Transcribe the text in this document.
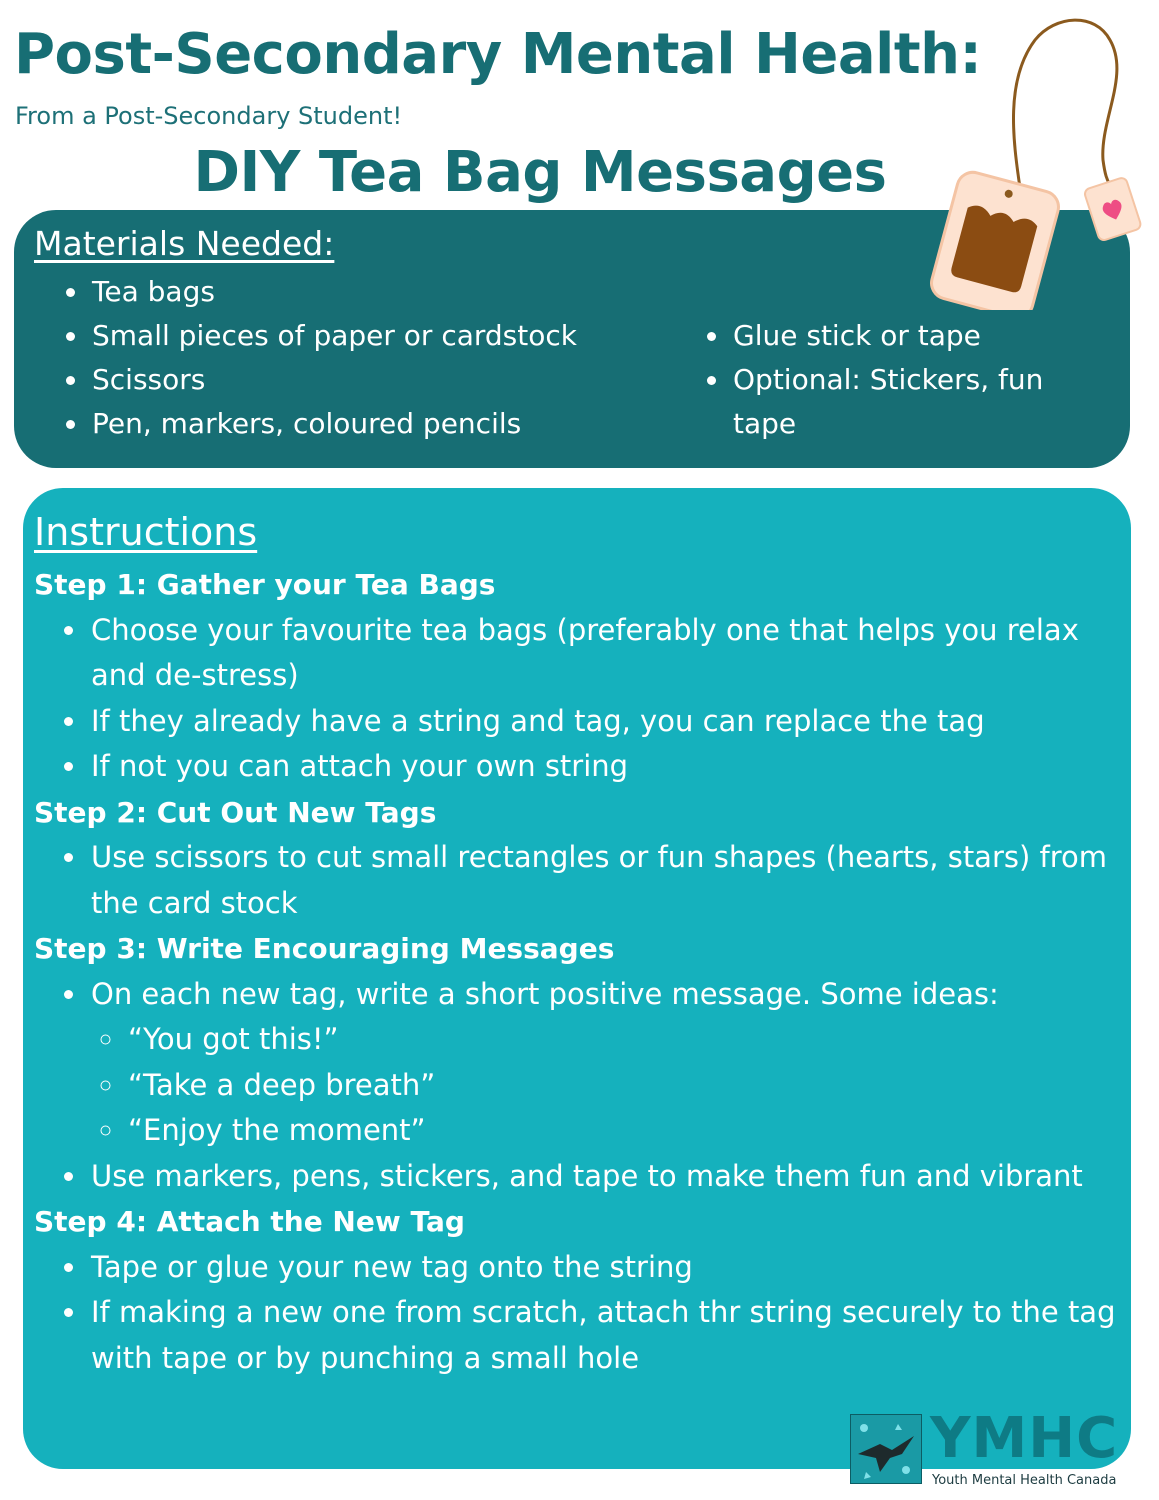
Post-Secondary Mental Health:
From a Post-Secondary Student!
DIY Tea Bag Messages
Materials Needed:
• Tea bags
• Small pieces of paper or cardstock
• Scissors
• Pen, markers, coloured pencils
• Glue stick or tape
• Optional: Stickers, fun tape
Instructions
Step 1: Gather your Tea Bags
• Choose your favourite tea bags (preferably one that helps you relax and de-stress)
• If they already have a string and tag, you can replace the tag
• If not you can attach your own string
Step 2: Cut Out New Tags
• Use scissors to cut small rectangles or fun shapes (hearts, stars) from the card stock
Step 3: Write Encouraging Messages
• On each new tag, write a short positive message. Some ideas:
◦ “You got this!”
◦ “Take a deep breath”
◦ “Enjoy the moment”
• Use markers, pens, stickers, and tape to make them fun and vibrant
Step 4: Attach the New Tag
• Tape or glue your new tag onto the string
• If making a new one from scratch, attach thr string securely to the tag with tape or by punching a small hole
YMHC
Youth Mental Health Canada
